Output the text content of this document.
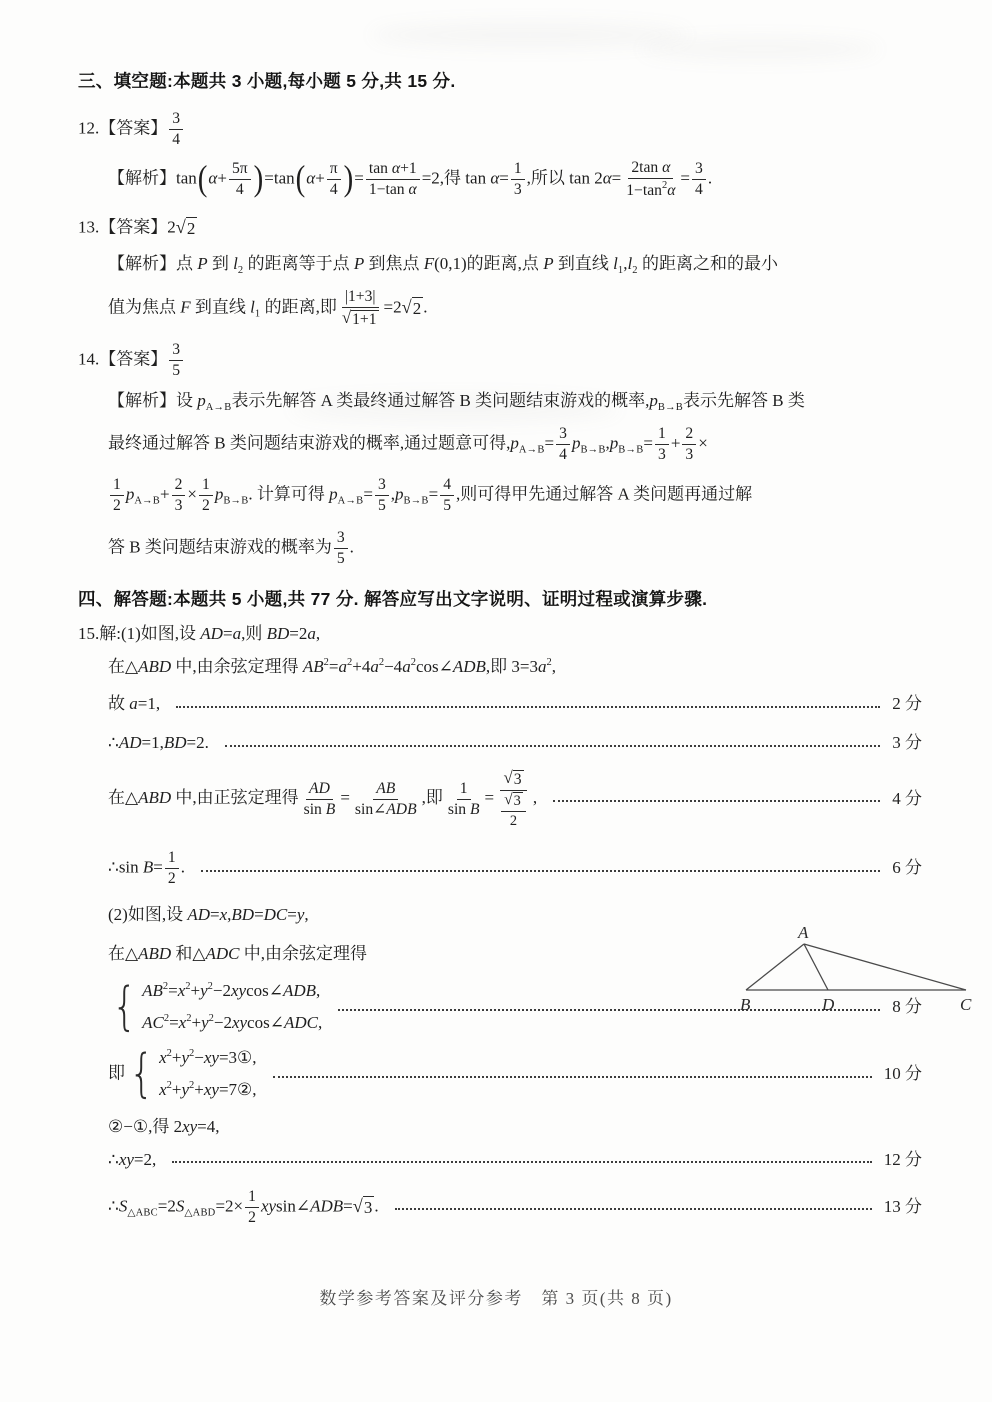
三、填空题:本题共 3 小题,每小题 5 分,共 15 分.
12.【答案】 $\frac{3}{4}$
【解析】$\tan(\alpha+ \frac{5\pi}{4} )=\tan(\alpha+ \frac{\pi}{4}$ )= $\frac{\text{tan α+1}}{\text{1−tan α}} =2$,得 $\tan \alpha= \frac{1}{3}$ ,所以 $\tan 2\alpha= \frac{\text{2tan α}}{1-\tan^2\alpha} = \frac{3}{4}$ .
13.【答案】2√2
【解析】点 P 到 $l_2$ 的距离等于点 P 到焦点 F(0,1)的距离,点 P 到直线 $l_1,l_2$ 的距离之和的最小
值为焦点 F 到直线 $l_1$ 的距离,即 $\frac{|1+3|}{√1+1} =2√2$ .
14.【答案】 $\frac{3}{5}$
【解析】设 $p_{A\to B}$表示先解答 A 类最终通过解答 B 类问题结束游戏的概率$,p_{B\to B}$表示先解答 B 类
最终通过解答 B 类问题结束游戏的概率,通过题意可得$,p_{A\to B}= \frac{3}{4} p_{B\to B},p_{B\to B}= \frac{1}{3} + \frac{2}{3}$ ×
$\frac{1}{2} p_{A\to B}+ \frac{2}{3} \times \frac{1}{2} p_{B\to B}$. 计算可得 $p_{A\to B}= \frac{3}{5} ,p_{B\to B}= \frac{4}{5}$ ,则可得甲先通过解答 A 类问题再通过解
答 B 类问题结束游戏的概率为 $\frac{3}{5}$ .
四、解答题:本题共 5 小题,共 77 分. 解答应写出文字说明、证明过程或演算步骤.
15.解:(1)如图,设 AD=a,则 BD=2a,
在△ABD 中,由余弦定理得 $AB^2=a^2+4a^2-4a^2\cos\angle ADB$,即 $3=3a^2$,
故 a=1,	2 分
∴AD=1,BD=2.	3 分
在△ABD 中,由正弦定理得 $\frac{AD}{\text{sin B}}$ = AB
sin∠ADB
,即 $\frac{1}{\text{sin B}} = \frac{√3}{\frac{√3}{2}}$ ,	4 分
∴sin $B= \frac{1}{2}$ .	6 分
(2)如图,设 AD=x,BD=DC=y,
在△ABD 和△ADC 中,由余弦定理得
{ $AB^2=x^2+y^2-2xycos\angle ADB$,
$AC^2=x^2+y^2-2xycos\angle ADC$,
8 分
即 { $x^2+y^2-xy=3①$,
$x^2+y^2+xy=7②$,
10 分
②−①,得 2xy=4,
∴xy=2,	12 分
$\therefore S_{\triangle ABC}=2S_{\triangle ABD}=2\times \frac{1}{2}$ xysin∠ADB=√3 .	13 分
A
B	D	C
数学参考答案及评分参考　第 3 页(共 8 页)
